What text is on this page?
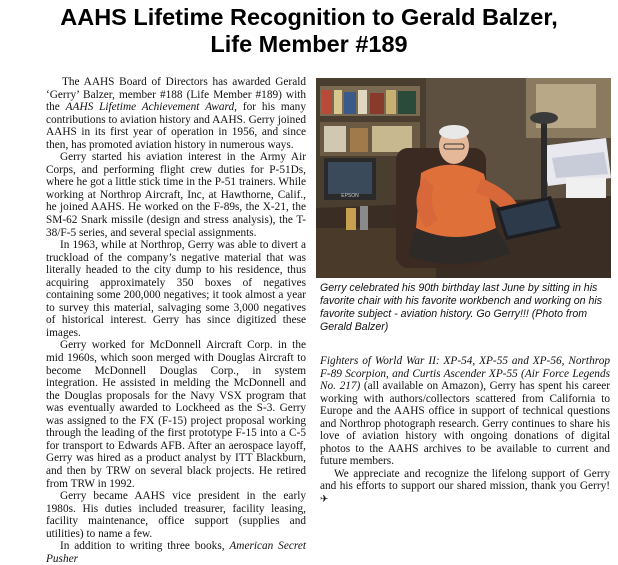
AAHS Lifetime Recognition to Gerald Balzer,
Life Member #189

The AAHS Board of Directors has awarded Gerald ‘Gerry’ Balzer, member #188 (Life Member #189) with the AAHS Lifetime Achievement Award, for his many contributions to aviation history and AAHS. Gerry joined AAHS in its first year of operation in 1956, and since then, has promoted aviation history in numerous ways.

Gerry started his aviation interest in the Army Air Corps, and performing flight crew duties for P-51Ds, where he got a little stick time in the P-51 trainers. While working at Northrop Aircraft, Inc, at Hawthorne, Calif., he joined AAHS. He worked on the F-89s, the X-21, the SM-62 Snark missile (design and stress analysis), the T-38/F-5 series, and several special assignments.

In 1963, while at Northrop, Gerry was able to divert a truckload of the company’s negative material that was literally headed to the city dump to his residence, thus acquiring approximately 350 boxes of negatives containing some 200,000 negatives; it took almost a year to survey this material, salvaging some 3,000 negatives of historical interest. Gerry has since digitized these images.

Gerry worked for McDonnell Aircraft Corp. in the mid 1960s, which soon merged with Douglas Aircraft to become McDonnell Douglas Corp., in system integration. He assisted in melding the McDonnell and the Douglas proposals for the Navy VSX program that was eventually awarded to Lockheed as the S-3. Gerry was assigned to the FX (F-15) project proposal working through the leading of the first prototype F-15 into a C-5 for transport to Edwards AFB. After an aerospace layoff, Gerry was hired as a product analyst by ITT Blackburn, and then by TRW on several black projects. He retired from TRW in 1992.

Gerry became AAHS vice president in the early 1980s. His duties included treasurer, facility leasing, facility maintenance, office support (supplies and utilities) to name a few.

In addition to writing three books, American Secret Pusher

EPSON
Gerry celebrated his 90th birthday last June by sitting in his favorite chair with his favorite workbench and working on his favorite subject - aviation history. Go Gerry!!! (Photo from Gerald Balzer)

Fighters of World War II: XP-54, XP-55 and XP-56, Northrop F-89 Scorpion, and Curtis Ascender XP-55 (Air Force Legends No. 217) (all available on Amazon), Gerry has spent his career working with authors/collectors scattered from California to Europe and the AAHS office in support of technical questions and Northrop photograph research. Gerry continues to share his love of aviation history with ongoing donations of digital photos to the AAHS archives to be available to current and future members.

We appreciate and recognize the lifelong support of Gerry and his efforts to support our shared mission, thank you Gerry! ✈
